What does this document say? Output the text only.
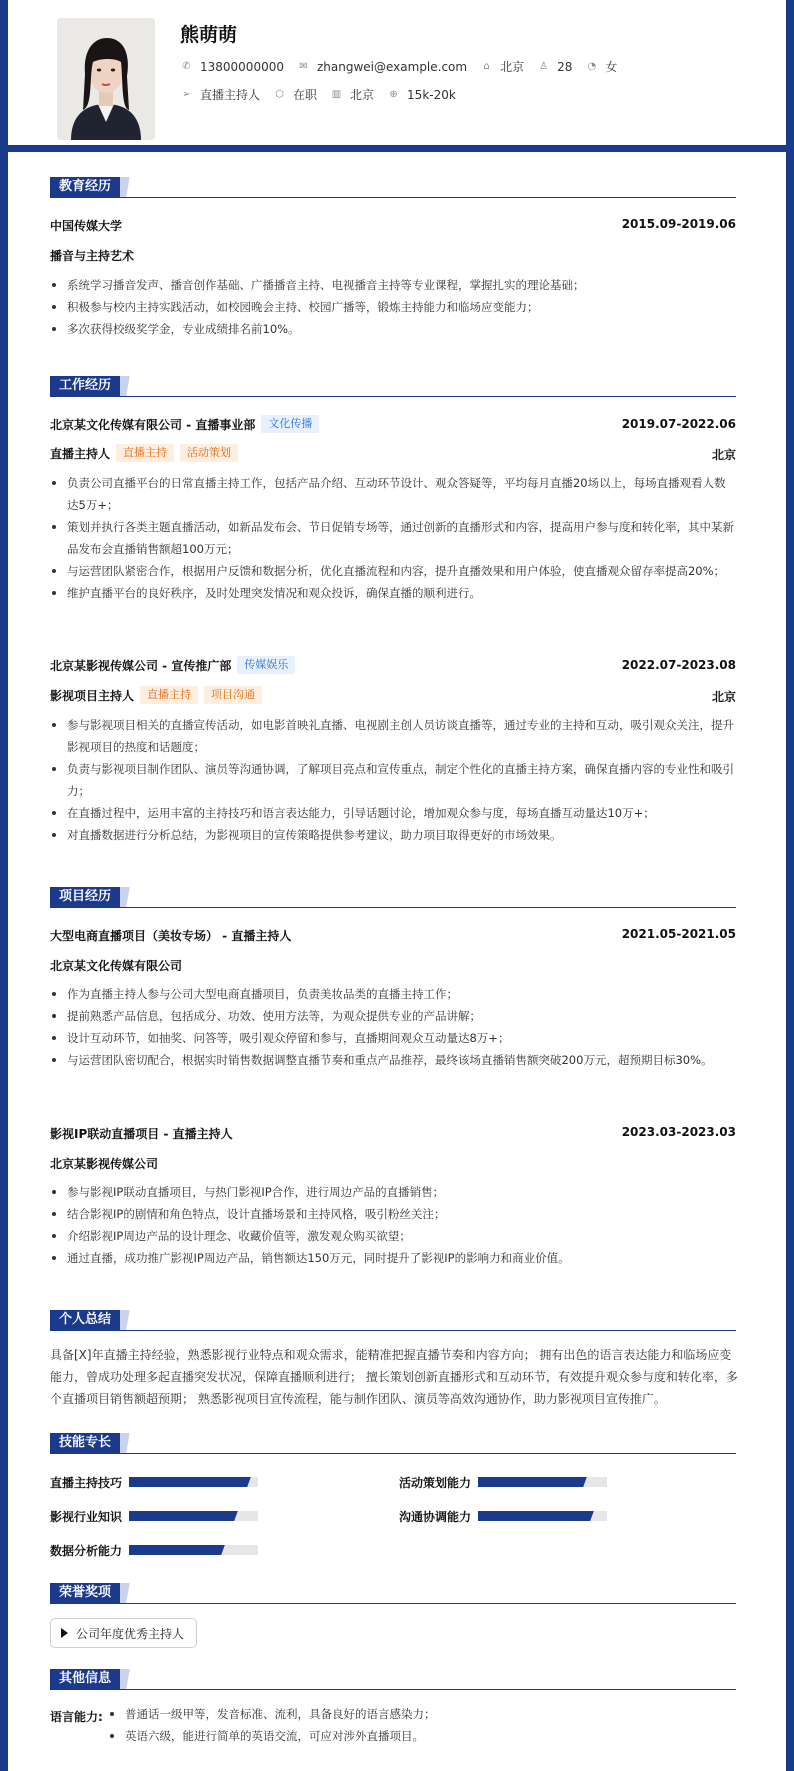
熊萌萌
✆ 13800000000 ✉ zhangwei@example.com	⌂ 北京 ♙ 28 ◔ 女
➢ 直播主持人 ⬡ 在职 ▥ 北京 ⊕ 15k-20k
教育经历
中国传媒大学	2015.09-2019.06
播音与主持艺术
系统学习播音发声、播音创作基础、广播播音主持、电视播音主持等专业课程，掌握扎实的理论基础；
积极参与校内主持实践活动，如校园晚会主持、校园广播等，锻炼主持能力和临场应变能力；
多次获得校级奖学金，专业成绩排名前10%。
工作经历
北京某文化传媒有限公司 - 直播事业部	文化传播	2019.07-2022.06
直播主持人	直播主持	活动策划	北京
负责公司直播平台的日常直播主持工作，包括产品介绍、互动环节设计、观众答疑等，平均每月直播20场以上，每场直播观看人数达5万+；
策划并执行各类主题直播活动，如新品发布会、节日促销专场等，通过创新的直播形式和内容，提高用户参与度和转化率，其中某新品发布会直播销售额超100万元；
与运营团队紧密合作，根据用户反馈和数据分析，优化直播流程和内容，提升直播效果和用户体验，使直播观众留存率提高20%；
维护直播平台的良好秩序，及时处理突发情况和观众投诉，确保直播的顺利进行。
北京某影视传媒公司 - 宣传推广部	传媒娱乐	2022.07-2023.08
影视项目主持人	直播主持	项目沟通	北京
参与影视项目相关的直播宣传活动，如电影首映礼直播、电视剧主创人员访谈直播等，通过专业的主持和互动，吸引观众关注，提升影视项目的热度和话题度；
负责与影视项目制作团队、演员等沟通协调，了解项目亮点和宣传重点，制定个性化的直播主持方案，确保直播内容的专业性和吸引力；
在直播过程中，运用丰富的主持技巧和语言表达能力，引导话题讨论，增加观众参与度，每场直播互动量达10万+；
对直播数据进行分析总结，为影视项目的宣传策略提供参考建议，助力项目取得更好的市场效果。
项目经历
大型电商直播项目（美妆专场） - 直播主持人	2021.05-2021.05
北京某文化传媒有限公司
作为直播主持人参与公司大型电商直播项目，负责美妆品类的直播主持工作；
提前熟悉产品信息，包括成分、功效、使用方法等，为观众提供专业的产品讲解；
设计互动环节，如抽奖、问答等，吸引观众停留和参与，直播期间观众互动量达8万+；
与运营团队密切配合，根据实时销售数据调整直播节奏和重点产品推荐，最终该场直播销售额突破200万元，超预期目标30%。
影视IP联动直播项目 - 直播主持人	2023.03-2023.03
北京某影视传媒公司
参与影视IP联动直播项目，与热门影视IP合作，进行周边产品的直播销售；
结合影视IP的剧情和角色特点，设计直播场景和主持风格，吸引粉丝关注；
介绍影视IP周边产品的设计理念、收藏价值等，激发观众购买欲望；
通过直播，成功推广影视IP周边产品，销售额达150万元，同时提升了影视IP的影响力和商业价值。
个人总结
具备[X]年直播主持经验，熟悉影视行业特点和观众需求，能精准把握直播节奏和内容方向； 拥有出色的语言表达能力和临场应变能力，曾成功处理多起直播突发状况，保障直播顺利进行； 擅长策划创新直播形式和互动环节，有效提升观众参与度和转化率，多个直播项目销售额超预期； 熟悉影视项目宣传流程，能与制作团队、演员等高效沟通协作，助力影视项目宣传推广。
技能专长
直播主持技巧	活动策划能力
影视行业知识	沟通协调能力
数据分析能力
荣誉奖项
公司年度优秀主持人
其他信息
语言能力:	普通话一级甲等，发音标准、流利，具备良好的语言感染力；
英语六级，能进行简单的英语交流，可应对涉外直播项目。
